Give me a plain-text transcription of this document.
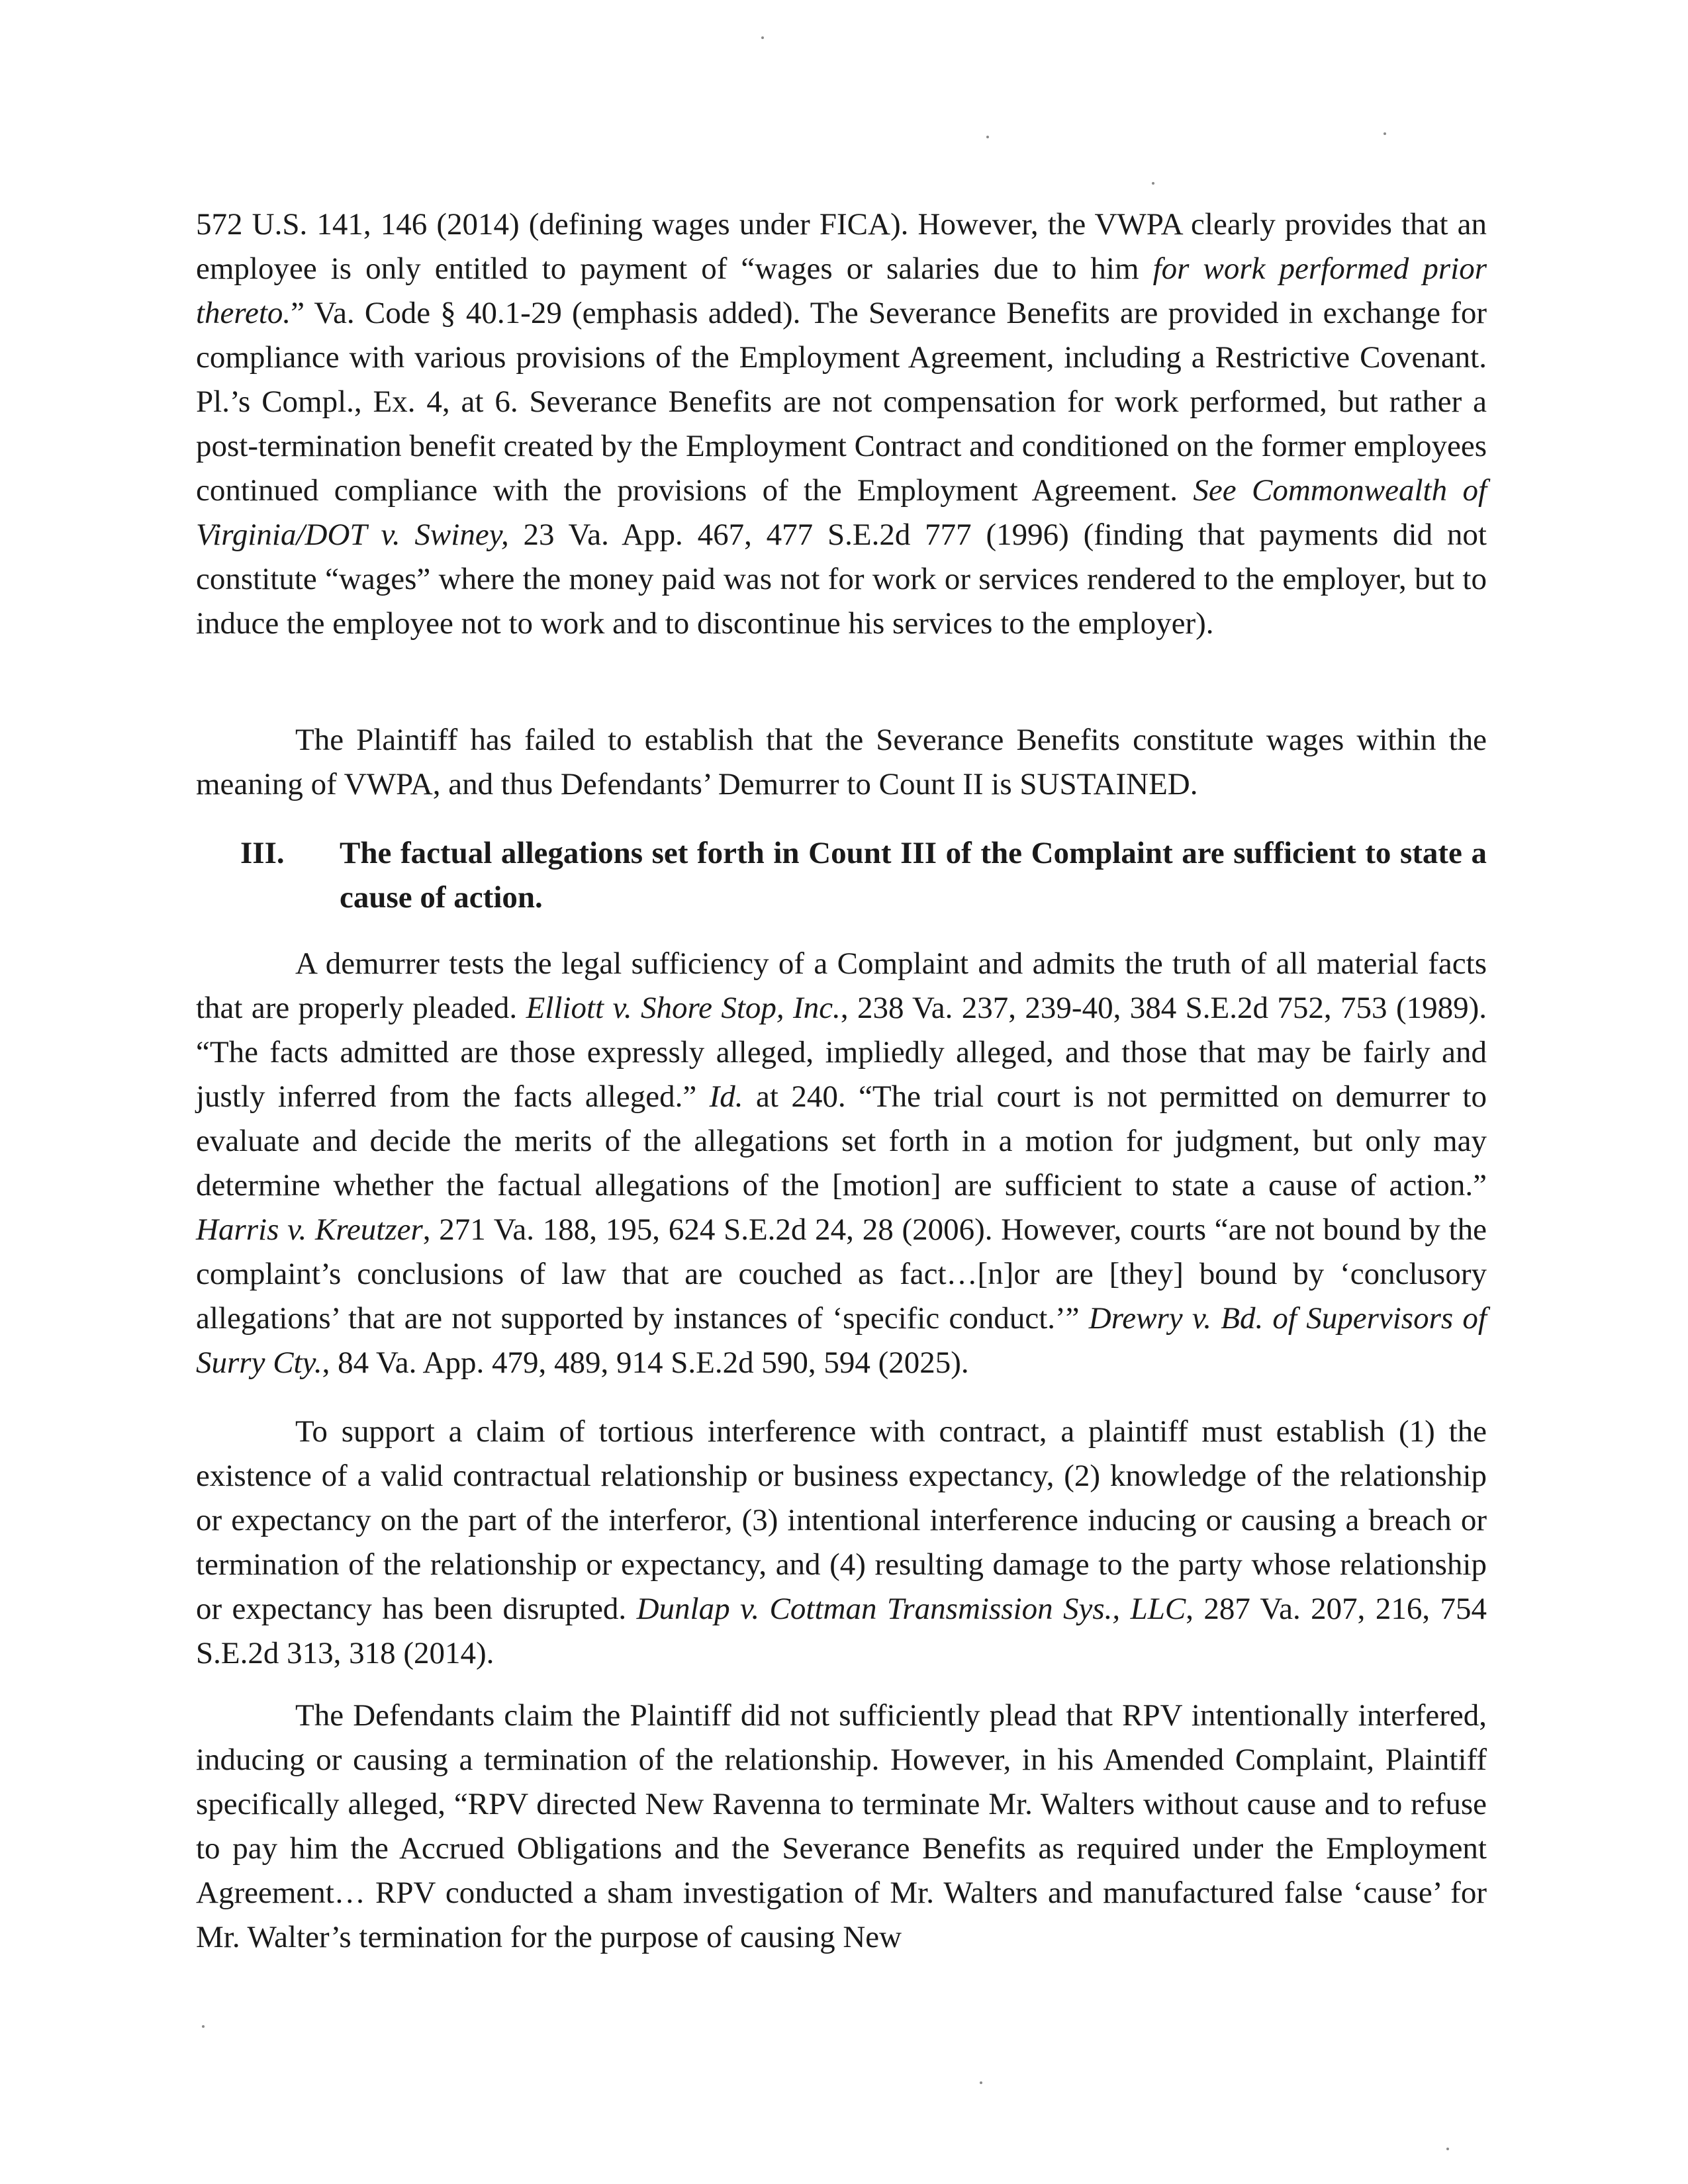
572 U.S. 141, 146 (2014) (defining wages under FICA). However, the VWPA clearly provides that an employee is only entitled to payment of “wages or salaries due to him for work performed prior thereto.” Va. Code § 40.1-29 (emphasis added). The Severance Benefits are provided in exchange for compliance with various provisions of the Employment Agreement, including a Restrictive Covenant. Pl.’s Compl., Ex. 4, at 6. Severance Benefits are not compensation for work performed, but rather a post-termination benefit created by the Employment Contract and conditioned on the former employees continued compliance with the provisions of the Employment Agreement. See Commonwealth of Virginia/DOT v. Swiney, 23 Va. App. 467, 477 S.E.2d 777 (1996) (finding that payments did not constitute “wages” where the money paid was not for work or services rendered to the employer, but to induce the employee not to work and to discontinue his services to the employer).

The Plaintiff has failed to establish that the Severance Benefits constitute wages within the meaning of VWPA, and thus Defendants’ Demurrer to Count II is SUSTAINED.

III. The factual allegations set forth in Count III of the Complaint are sufficient to state a cause of action.

A demurrer tests the legal sufficiency of a Complaint and admits the truth of all material facts that are properly pleaded. Elliott v. Shore Stop, Inc., 238 Va. 237, 239-40, 384 S.E.2d 752, 753 (1989). “The facts admitted are those expressly alleged, impliedly alleged, and those that may be fairly and justly inferred from the facts alleged.” Id. at 240. “The trial court is not permitted on demurrer to evaluate and decide the merits of the allegations set forth in a motion for judgment, but only may determine whether the factual allegations of the [motion] are sufficient to state a cause of action.” Harris v. Kreutzer, 271 Va. 188, 195, 624 S.E.2d 24, 28 (2006). However, courts “are not bound by the complaint’s conclusions of law that are couched as fact…[n]or are [they] bound by ‘conclusory allegations’ that are not supported by instances of ‘specific conduct.’” Drewry v. Bd. of Supervisors of Surry Cty., 84 Va. App. 479, 489, 914 S.E.2d 590, 594 (2025).

To support a claim of tortious interference with contract, a plaintiff must establish (1) the existence of a valid contractual relationship or business expectancy, (2) knowledge of the relationship or expectancy on the part of the interferor, (3) intentional interference inducing or causing a breach or termination of the relationship or expectancy, and (4) resulting damage to the party whose relationship or expectancy has been disrupted. Dunlap v. Cottman Transmission Sys., LLC, 287 Va. 207, 216, 754 S.E.2d 313, 318 (2014).

The Defendants claim the Plaintiff did not sufficiently plead that RPV intentionally interfered, inducing or causing a termination of the relationship. However, in his Amended Complaint, Plaintiff specifically alleged, “RPV directed New Ravenna to terminate Mr. Walters without cause and to refuse to pay him the Accrued Obligations and the Severance Benefits as required under the Employment Agreement… RPV conducted a sham investigation of Mr. Walters and manufactured false ‘cause’ for Mr. Walter’s termination for the purpose of causing New
